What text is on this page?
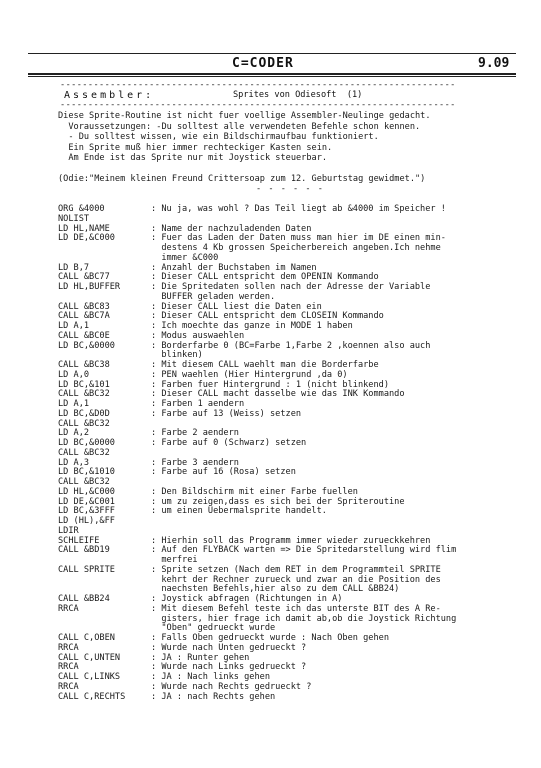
C=CODER	9.09
-----------------------------------------------------------------------
Assembler:	Sprites von Odiesoft  (1)
-----------------------------------------------------------------------
Diese Sprite-Routine ist nicht fuer voellige Assembler-Neulinge gedacht.
Voraussetzungen: -Du solltest alle verwendeten Befehle schon kennen.
- Du solltest wissen, wie ein Bildschirmaufbau funktioniert.
Ein Sprite muß hier immer rechteckiger Kasten sein.
Am Ende ist das Sprite nur mit Joystick steuerbar.
(Odie:"Meinem kleinen Freund Crittersoap zum 12. Geburtstag gewidmet.")
- - - - - -
ORG &4000	: Nu ja, was wohl ? Das Teil liegt ab &4000 im Speicher !
NOLIST
LD HL,NAME	: Name der nachzuladenden Daten
LD DE,&C000	: Fuer das Laden der Daten muss man hier im DE einen min-
destens 4 Kb grossen Speicherbereich angeben.Ich nehme
immer &C000
LD B,7	: Anzahl der Buchstaben im Namen
CALL &BC77	: Dieser CALL entspricht dem OPENIN Kommando
LD HL,BUFFER	: Die Spritedaten sollen nach der Adresse der Variable
BUFFER geladen werden.
CALL &BC83	: Dieser CALL liest die Daten ein
CALL &BC7A	: Dieser CALL entspricht dem CLOSEIN Kommando
LD A,1	: Ich moechte das ganze in MODE 1 haben
CALL &BC0E	: Modus auswaehlen
LD BC,&0000	: Borderfarbe 0 (BC=Farbe 1,Farbe 2 ,koennen also auch
blinken)
CALL &BC38	: Mit diesem CALL waehlt man die Borderfarbe
LD A,0	: PEN waehlen (Hier Hintergrund ,da 0)
LD BC,&101	: Farben fuer Hintergrund : 1 (nicht blinkend)
CALL &BC32	: Dieser CALL macht dasselbe wie das INK Kommando
LD A,1	: Farben 1 aendern
LD BC,&D0D	: Farbe auf 13 (Weiss) setzen
CALL &BC32
LD A,2	: Farbe 2 aendern
LD BC,&0000	: Farbe auf 0 (Schwarz) setzen
CALL &BC32
LD A,3	: Farbe 3 aendern
LD BC,&1010	: Farbe auf 16 (Rosa) setzen
CALL &BC32
LD HL,&C000	: Den Bildschirm mit einer Farbe fuellen
LD DE,&C001	: um zu zeigen,dass es sich bei der Spriteroutine
LD BC,&3FFF	: um einen Uebermalsprite handelt.
LD (HL),&FF
LDIR
SCHLEIFE	: Hierhin soll das Programm immer wieder zurueckkehren
CALL &BD19	: Auf den FLYBACK warten => Die Spritedarstellung wird flim
merfrei
CALL SPRITE	: Sprite setzen (Nach dem RET in dem Programmteil SPRITE
kehrt der Rechner zurueck und zwar an die Position des
naechsten Befehls,hier also zu dem CALL &BB24)
CALL &BB24	: Joystick abfragen (Richtungen in A)
RRCA	: Mit diesem Befehl teste ich das unterste BIT des A Re-
gisters, hier frage ich damit ab,ob die Joystick Richtung
"Oben" gedrueckt wurde
CALL C,OBEN	: Falls Oben gedrueckt wurde : Nach Oben gehen
RRCA	: Wurde nach Unten gedrueckt ?
CALL C,UNTEN	: JA : Runter gehen
RRCA	: Wurde nach Links gedrueckt ?
CALL C,LINKS	: JA : Nach links gehen
RRCA	: Wurde nach Rechts gedrueckt ?
CALL C,RECHTS	: JA : nach Rechts gehen
